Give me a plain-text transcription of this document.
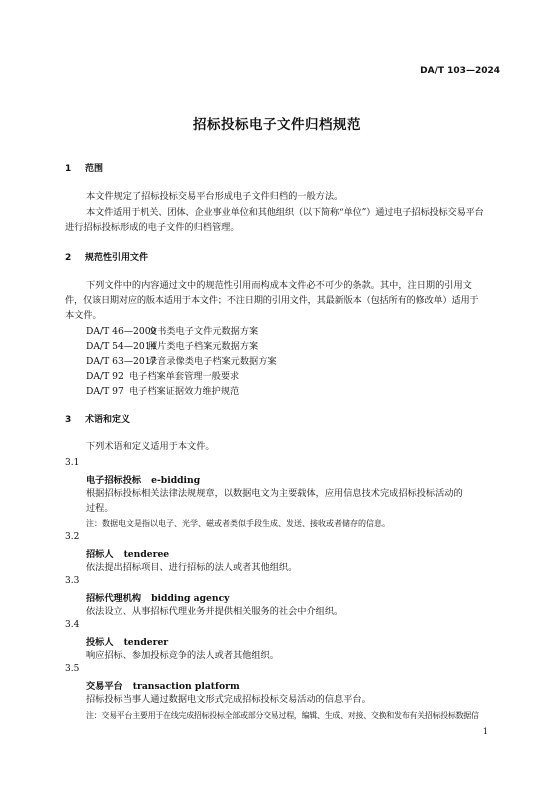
DA/T 103—2024
招标投标电子文件归档规范
1 范围
本文件规定了招标投标交易平台形成电子文件归档的一般方法。
本文件适用于机关、团体、企业事业单位和其他组织（以下简称“单位”）通过电子招标投标交易平台
进行招标投标形成的电子文件的归档管理。
2 规范性引用文件
下列文件中的内容通过文中的规范性引用而构成本文件必不可少的条款。其中，注日期的引用文
件，仅该日期对应的版本适用于本文件；不注日期的引用文件，其最新版本（包括所有的修改单）适用于
本文件。
DA/T 46—2009文书类电子文件元数据方案
DA/T 54—2014照片类电子档案元数据方案
DA/T 63—2017录音录像类电子档案元数据方案
DA/T 92 电子档案单套管理一般要求
DA/T 97 电子档案证据效力维护规范
3 术语和定义
下列术语和定义适用于本文件。
3.1
电子招标投标 e-bidding
根据招标投标相关法律法规规章，以数据电文为主要载体，应用信息技术完成招标投标活动的
过程。
注：数据电文是指以电子、光学、磁或者类似手段生成、发送、接收或者储存的信息。
3.2
招标人 tenderee
依法提出招标项目、进行招标的法人或者其他组织。
3.3
招标代理机构 bidding agency
依法设立、从事招标代理业务并提供相关服务的社会中介组织。
3.4
投标人 tenderer
响应招标、参加投标竞争的法人或者其他组织。
3.5
交易平台 transaction platform
招标投标当事人通过数据电文形式完成招标投标交易活动的信息平台。
注：交易平台主要用于在线完成招标投标全部或部分交易过程，编辑、生成、对接、交换和发布有关招标投标数据信
1
